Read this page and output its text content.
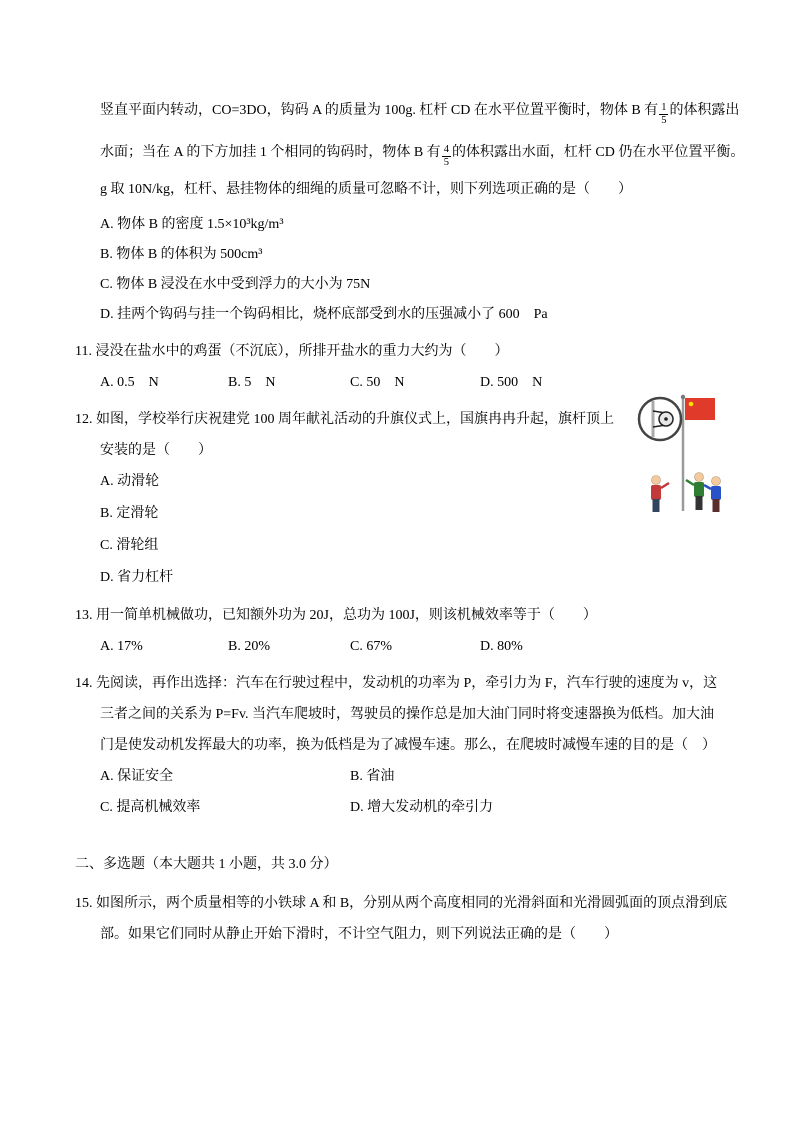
竖直平面内转动，CO=3DO，钩码 A 的质量为 100g. 杠杆 CD 在水平位置平衡时，物体 B 有 $\frac{1}{5}$ 的体积露出
水面；当在 A 的下方加挂 1 个相同的钩码时，物体 B 有 $\frac{4}{5}$ 的体积露出水面，杠杆 CD 仍在水平位置平衡。
g 取 10N/kg，杠杆、悬挂物体的细绳的质量可忽略不计，则下列选项正确的是（　　）
A. 物体 B 的密度 1.5×10³kg/m³
B. 物体 B 的体积为 500cm³
C. 物体 B 浸没在水中受到浮力的大小为 75N
D. 挂两个钩码与挂一个钩码相比，烧杯底部受到水的压强减小了 600　Pa
11. 浸没在盐水中的鸡蛋（不沉底），所排开盐水的重力大约为（　　）
A. 0.5　N	B. 5　N	C. 50　N	D. 500　N
12. 如图，学校举行庆祝建党 100 周年献礼活动的升旗仪式上，国旗冉冉升起，旗杆顶上
安装的是（　　）
A. 动滑轮
B. 定滑轮
C. 滑轮组
D. 省力杠杆
13. 用一简单机械做功，已知额外功为 20J，总功为 100J，则该机械效率等于（　　）
A. 17%	B. 20%	C. 67%	D. 80%
14. 先阅读，再作出选择：汽车在行驶过程中，发动机的功率为 P，牵引力为 F，汽车行驶的速度为 v，这
三者之间的关系为 P=Fv. 当汽车爬坡时，驾驶员的操作总是加大油门同时将变速器换为低档。加大油
门是使发动机发挥最大的功率，换为低档是为了减慢车速。那么，在爬坡时减慢车速的目的是（　）
A. 保证安全	B. 省油
C. 提高机械效率	D. 增大发动机的牵引力
二、多选题（本大题共 1 小题，共 3.0 分）
15. 如图所示，两个质量相等的小铁球 A 和 B，分别从两个高度相同的光滑斜面和光滑圆弧面的顶点滑到底
部。如果它们同时从静止开始下滑时，不计空气阻力，则下列说法正确的是（　　）
